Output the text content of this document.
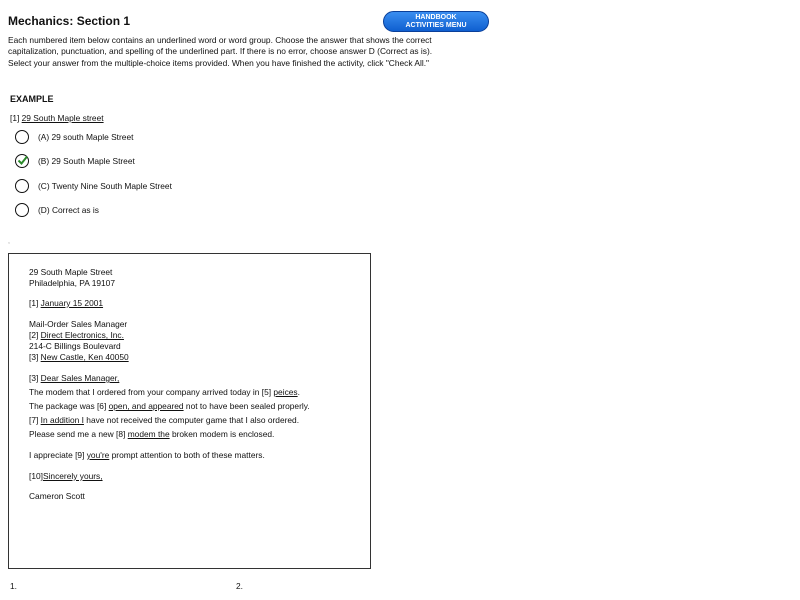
Mechanics: Section 1	HANDBOOK
ACTIVITIES MENU
Each numbered item below contains an underlined word or word group. Choose the answer that shows the correct capitalization, punctuation, and spelling of the underlined part. If there is no error, choose answer D (Correct as is). Select your answer from the multiple-choice items provided. When you have finished the activity, click "Check All."
EXAMPLE
[1] 29 South Maple street
(A) 29 south Maple Street
(B) 29 South Maple Street
(C) Twenty Nine South Maple Street
(D) Correct as is
,
29 South Maple Street
Philadelphia, PA 19107
[1] January 15 2001
Mail-Order Sales Manager
[2] Direct Electronics, Inc.
214-C Billings Boulevard
[3] New Castle, Ken 40050
[3] Dear Sales Manager,
The modem that I ordered from your company arrived today in [5] peices.
The package was [6] open, and appeared not to have been sealed properly.
[7] In addition I have not received the computer game that I also ordered.
Please send me a new [8] modem the broken modem is enclosed.
I appreciate [9] you're prompt attention to both of these matters.
[10]Sincerely yours,
Cameron Scott
1.	2.
